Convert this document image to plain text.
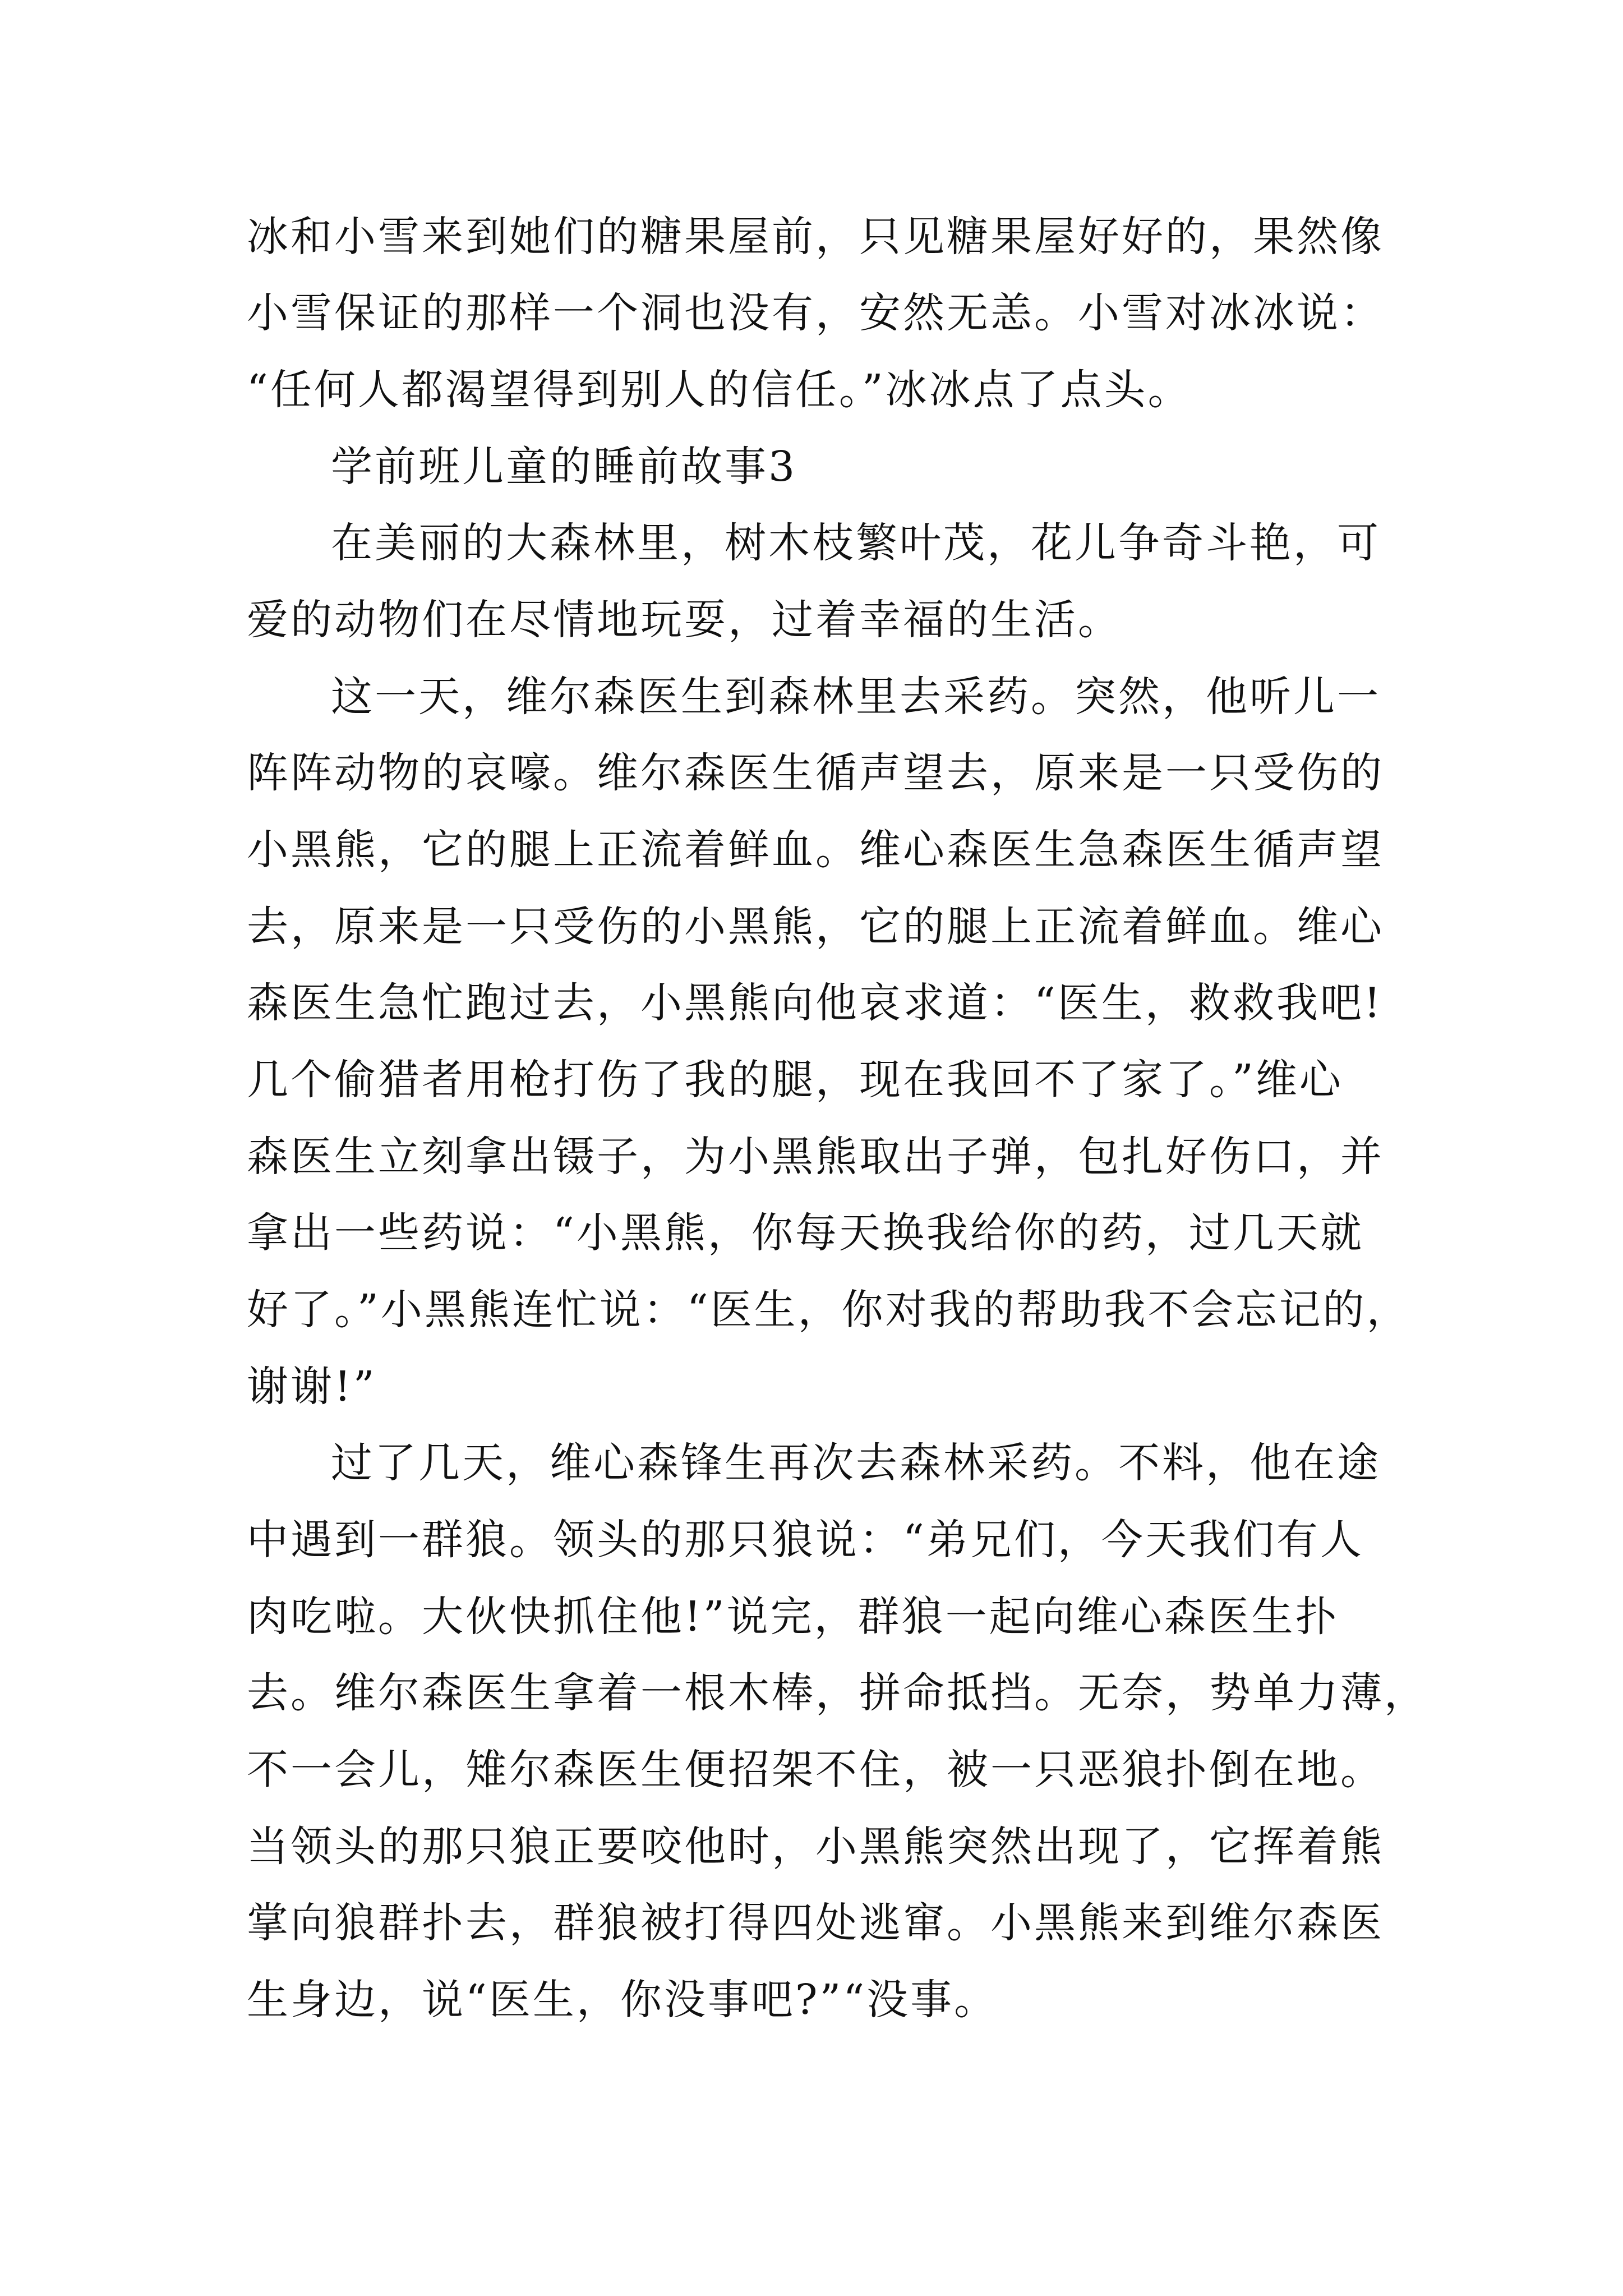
冰和小雪来到她们的糖果屋前，只见糖果屋好好的，果然像
小雪保证的那样一个洞也没有，安然无恙。小雪对冰冰说：
“任何人都渴望得到别人的信任。”冰冰点了点头。
学前班儿童的睡前故事3
在美丽的大森林里，树木枝繁叶茂，花儿争奇斗艳，可
爱的动物们在尽情地玩耍，过着幸福的生活。
这一天，维尔森医生到森林里去采药。突然，他听儿一
阵阵动物的哀嚎。维尔森医生循声望去，原来是一只受伤的
小黑熊，它的腿上正流着鲜血。维心森医生急森医生循声望
去，原来是一只受伤的小黑熊，它的腿上正流着鲜血。维心
森医生急忙跑过去，小黑熊向他哀求道：“医生，救救我吧!
几个偷猎者用枪打伤了我的腿，现在我回不了家了。”维心
森医生立刻拿出镊子，为小黑熊取出子弹，包扎好伤口，并
拿出一些药说：“小黑熊，你每天换我给你的药，过几天就
好了。”小黑熊连忙说：“医生，你对我的帮助我不会忘记的，
谢谢!”
过了几天，维心森锋生再次去森林采药。不料，他在途
中遇到一群狼。领头的那只狼说：“弟兄们，今天我们有人
肉吃啦。大伙快抓住他!”说完，群狼一起向维心森医生扑
去。维尔森医生拿着一根木棒，拼命抵挡。无奈，势单力薄，
不一会儿，雉尔森医生便招架不住，被一只恶狼扑倒在地。
当领头的那只狼正要咬他时，小黑熊突然出现了，它挥着熊
掌向狼群扑去，群狼被打得四处逃窜。小黑熊来到维尔森医
生身边，说“医生，你没事吧?”“没事。
